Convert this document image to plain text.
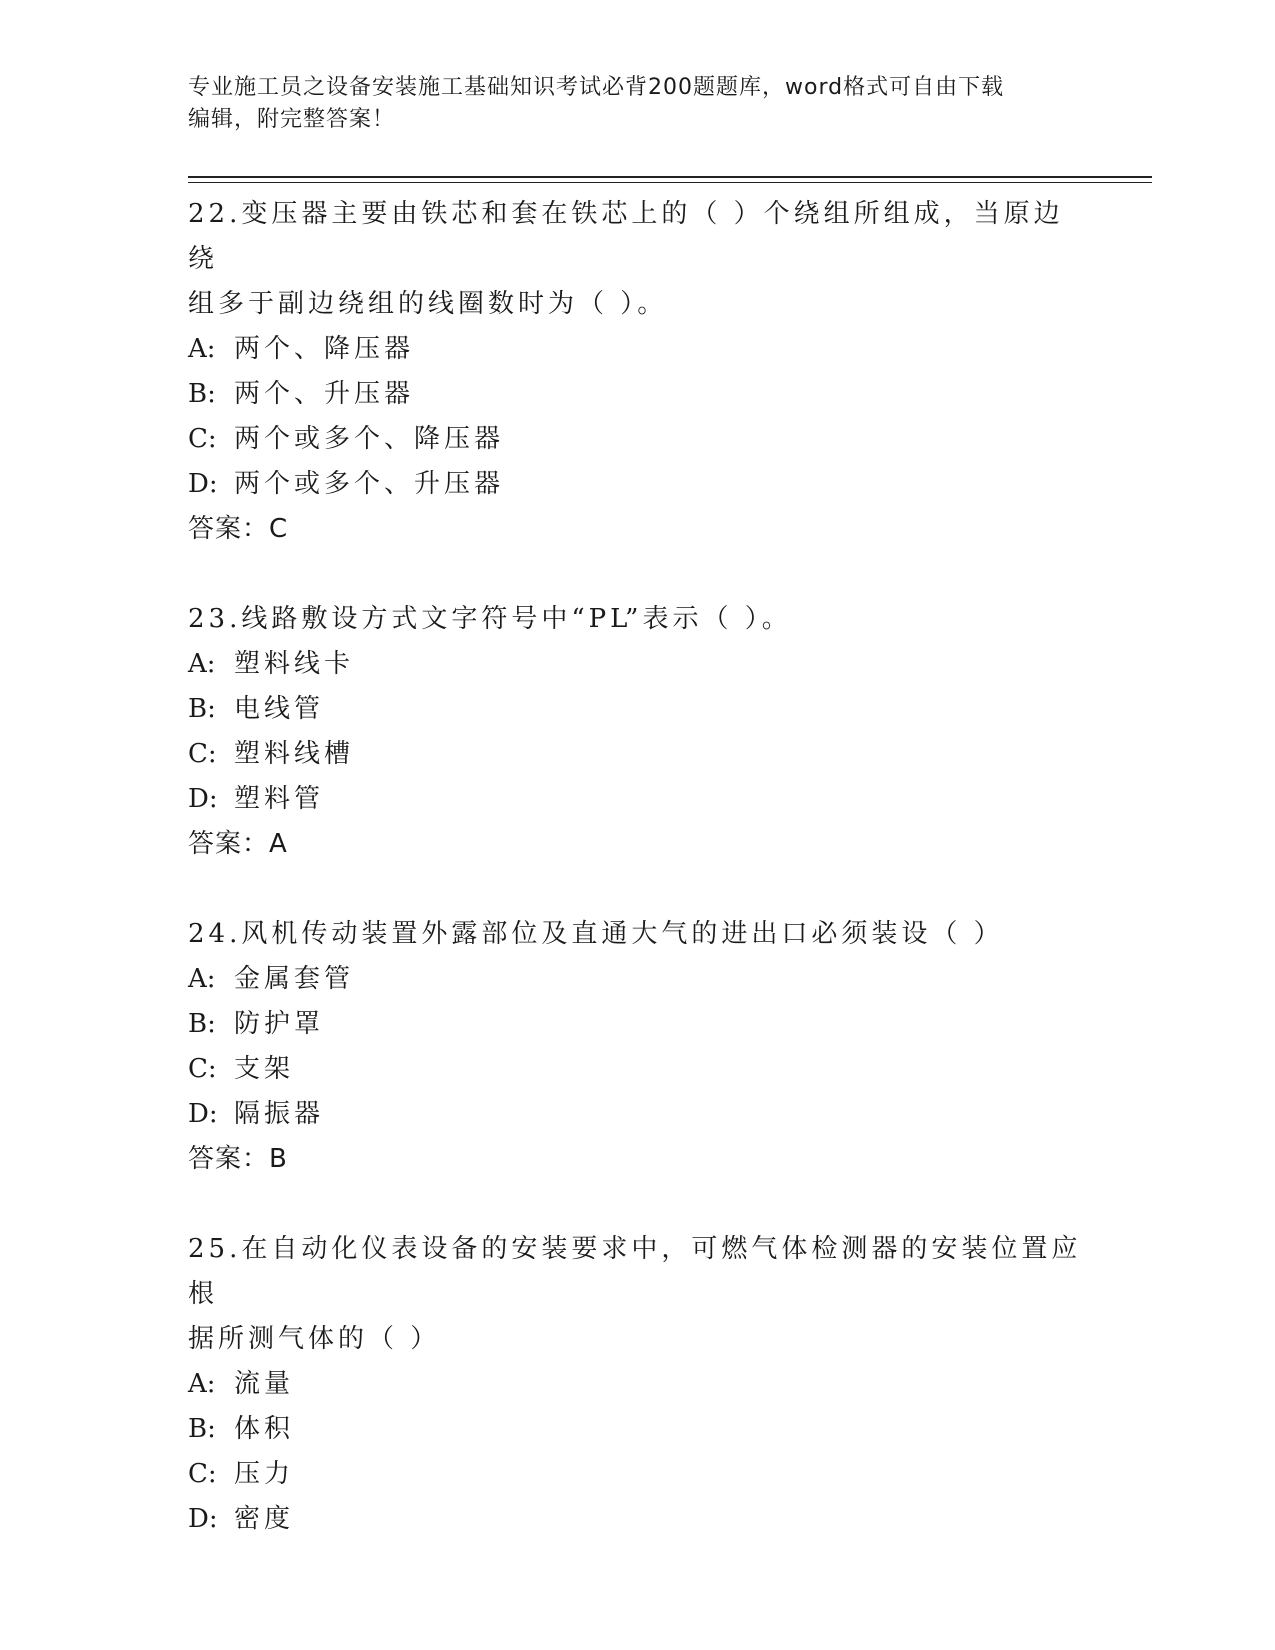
专业施工员之设备安装施工基础知识考试必背200题题库，word格式可自由下载
编辑，附完整答案！

22.变压器主要由铁芯和套在铁芯上的（ ）个绕组所组成，当原边绕

组多于副边绕组的线圈数时为（ ）。

A: 两个、降压器
B: 两个、升压器
C: 两个或多个、降压器
D: 两个或多个、升压器
答案：C

23.线路敷设方式文字符号中“PL”表示（ ）。

A: 塑料线卡
B: 电线管
C: 塑料线槽
D: 塑料管
答案：A

24.风机传动装置外露部位及直通大气的进出口必须装设（ ）

A: 金属套管
B: 防护罩
C: 支架
D: 隔振器
答案：B

25.在自动化仪表设备的安装要求中，可燃气体检测器的安装位置应根

据所测气体的（ ）

A: 流量
B: 体积
C: 压力
D: 密度
